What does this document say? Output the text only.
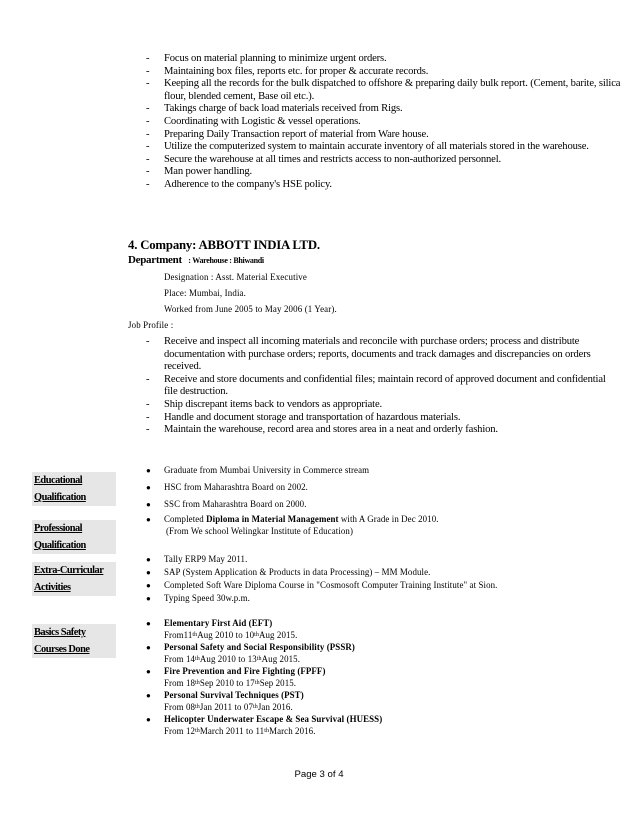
-	Focus on material planning to minimize urgent orders.
-	Maintaining box files, reports etc. for proper & accurate records.
-	Keeping all the records for the bulk dispatched to offshore & preparing daily bulk report. (Cement, barite, silica flour, blended cement, Base oil etc.).
-	Takings charge of back load materials received from Rigs.
-	Coordinating with Logistic & vessel operations.
-	Preparing Daily Transaction report of material from Ware house.
-	Utilize the computerized system to maintain accurate inventory of all materials stored in the warehouse.
-	Secure the warehouse at all times and restricts access to non-authorized personnel.
-	Man power handling.
-	Adherence to the company's HSE policy.
4. Company: ABBOTT INDIA LTD.
Department : Warehouse : Bhiwandi
Designation : Asst. Material Executive
Place: Mumbai, India.
Worked from June 2005 to May 2006 (1 Year).
Job Profile :
-	Receive and inspect all incoming materials and reconcile with purchase orders; process and distribute documentation with purchase orders; reports, documents and track damages and discrepancies on orders received.
-	Receive and store documents and confidential files; maintain record of approved document and confidential file destruction.
-	Ship discrepant items back to vendors as appropriate.
-	Handle and document storage and transportation of hazardous materials.
-	Maintain the warehouse, record area and stores area in a neat and orderly fashion.
Educational
Qualification
●	Graduate from Mumbai University in Commerce stream
●	HSC from Maharashtra Board on 2002.
●	SSC from Maharashtra Board on 2000.
Professional
Qualification
●	Completed Diploma in Material Management with A Grade in Dec 2010.
(From We school Welingkar Institute of Education)
Extra-Curricular
Activities
●	Tally ERP9 May 2011.
●	SAP (System Application & Products in data Processing) – MM Module.
●	Completed Soft Ware Diploma Course in "Cosmosoft Computer Training Institute" at Sion.
●	Typing Speed 30w.p.m.
Basics Safety
Courses Done
●	Elementary First Aid (EFT)
From11 th Aug 2010 to 10 th Aug 2015.
●	Personal Safety and Social Responsibility (PSSR)
From 14 th Aug 2010 to 13 th Aug 2015.
●	Fire Prevention and Fire Fighting (FPFF)
From 18 th Sep 2010 to 17 th Sep 2015.
●	Personal Survival Techniques (PST)
From 08 th Jan 2011 to 07 th Jan 2016.
●	Helicopter Underwater Escape & Sea Survival (HUESS)
From 12 th March 2011 to 11 th March 2016.
Page 3 of 4
